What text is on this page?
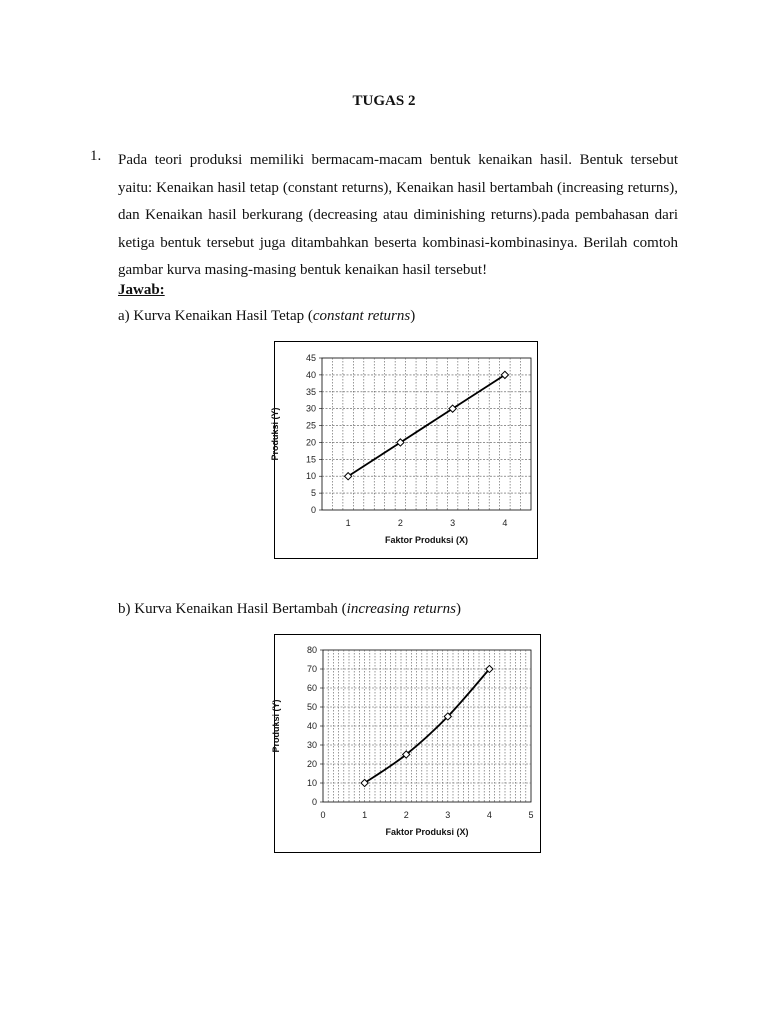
TUGAS 2
1. Pada teori produksi memiliki bermacam-macam bentuk kenaikan hasil. Bentuk tersebut yaitu: Kenaikan hasil tetap (constant returns), Kenaikan hasil bertambah (increasing returns), dan Kenaikan hasil berkurang (decreasing atau diminishing returns).pada pembahasan dari ketiga bentuk tersebut juga ditambahkan beserta kombinasi-kombinasinya. Berilah comtoh gambar kurva masing-masing bentuk kenaikan hasil tersebut!
Jawab:
a) Kurva Kenaikan Hasil Tetap (constant returns)
0
5
10
15
20
25
30
35
40
45
1	2	3	4
Faktor Produksi (X)
Produksi (Y)
b) Kurva Kenaikan Hasil Bertambah (increasing returns)
0
10
20
30
40
50
60
70
80
0	1	2	3	4	5
Faktor Produksi (X)
Produksi (Y)
